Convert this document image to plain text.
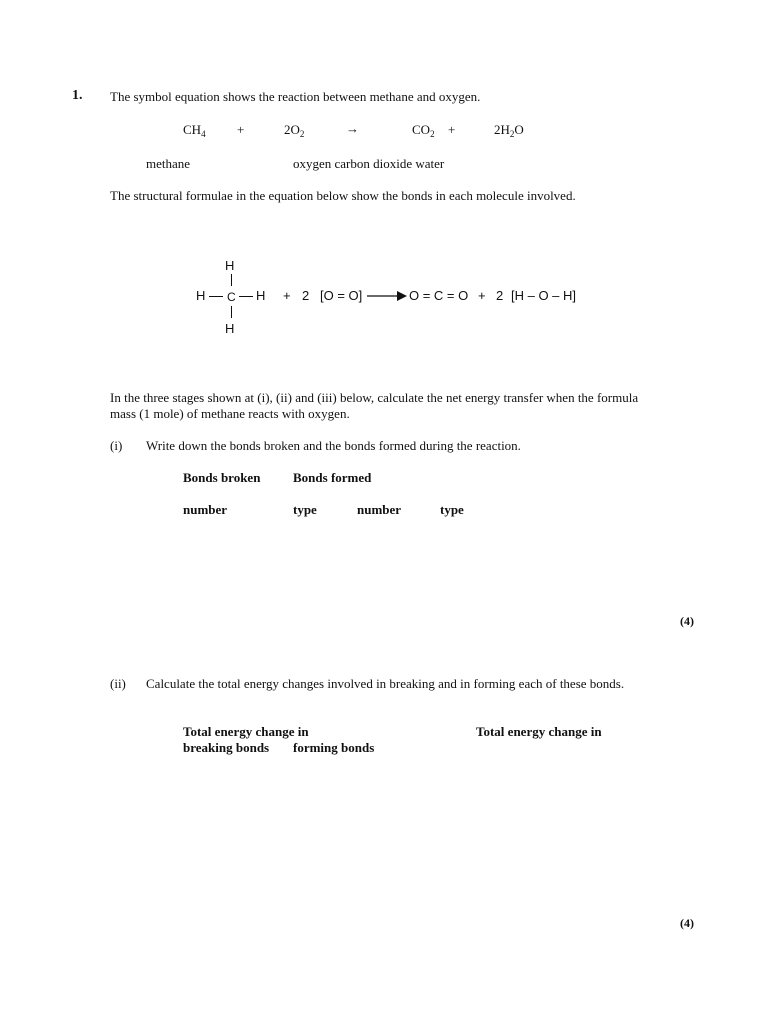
1. The symbol equation shows the reaction between methane and oxygen.
$CH_4$ +	$2O_2$	→	$CO_2$ +	$2H_2O$
methane	oxygen carbon dioxide water
The structural formulae in the equation below show the bonds in each molecule involved.
H
H C H
H
+ 2 [O = O] → O = C = O + 2 [H – O – H]
In the three stages shown at (i), (ii) and (iii) below, calculate the net energy transfer when the formula mass (1 mole) of methane reacts with oxygen.
(i) Write down the bonds broken and the bonds formed during the reaction.
Bonds broken	Bonds formed
number	type	number	type
(4)
(ii) Calculate the total energy changes involved in breaking and in forming each of these bonds.
Total energy change in	Total energy change in
breaking bonds forming bonds
(4)
